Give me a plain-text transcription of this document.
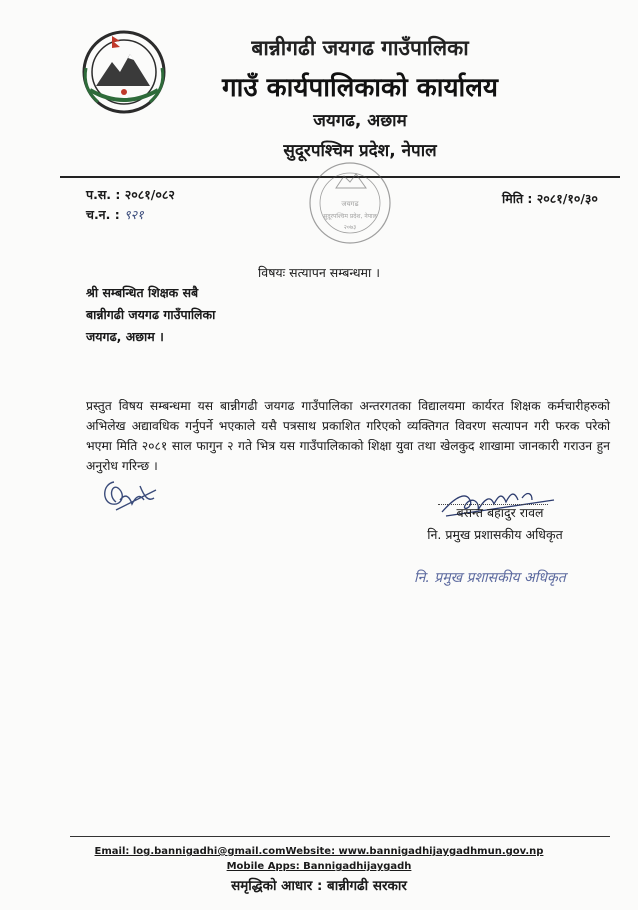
बान्नीगढी जयगढ गाउँपालिका
गाउँ कार्यपालिकाको कार्यालय
जयगढ, अछाम
सुदूरपश्चिम प्रदेश, नेपाल
प.स. : २०८१/०८२
च.न. : ९२१
मिति : २०८१/१०/३०
जयगढ
सुदूरपश्चिम प्रदेश, नेपाल
२०७३
विषयः सत्यापन सम्बन्धमा ।
श्री सम्बन्धित शिक्षक सबै
बान्नीगढी जयगढ गाउँपालिका
जयगढ, अछाम ।
प्रस्तुत विषय सम्बन्धमा यस बान्नीगढी जयगढ गाउँपालिका अन्तरगतका विद्यालयमा कार्यरत शिक्षक कर्मचारीहरुको अभिलेख अद्यावधिक गर्नुपर्ने भएकाले यसै पत्रसाथ प्रकाशित गरिएको व्यक्तिगत विवरण सत्यापन गरी फरक परेको भएमा मिति २०८१ साल फागुन २ गते भित्र यस गाउँपालिकाको शिक्षा युवा तथा खेलकुद शाखामा जानकारी गराउन हुन अनुरोध गरिन्छ ।
बसन्त बहादुर रावल
नि. प्रमुख प्रशासकीय अधिकृत
नि. प्रमुख प्रशासकीय अधिकृत
Email: log.bannigadhi@gmail.comWebsite: www.bannigadhijaygadhmun.gov.np
Mobile Apps: Bannigadhijaygadh
समृद्धिको आधार : बान्नीगढी सरकार
